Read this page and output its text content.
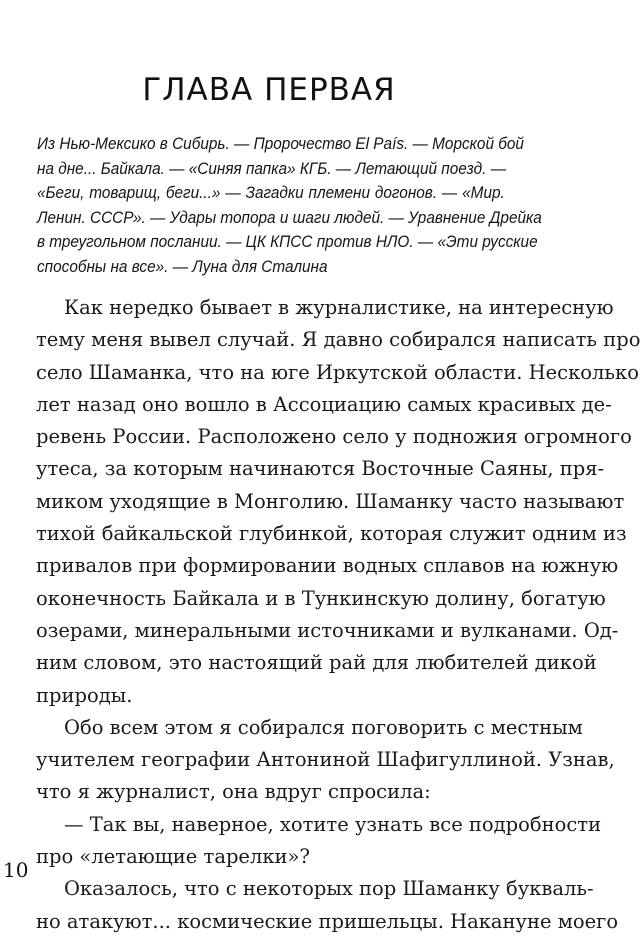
ГЛАВА ПЕРВАЯ
Из Нью-Мексико в Сибирь. — Пророчество El País. — Морской бой
на дне... Байкала. — «Синяя папка» КГБ. — Летающий поезд. —
«Беги, товарищ, беги...» — Загадки племени догонов. — «Мир.
Ленин. СССР». — Удары топора и шаги людей. — Уравнение Дрейка
в треугольном послании. — ЦК КПСС против НЛО. — «Эти русские
способны на все». — Луна для Сталина
Как нередко бывает в журналистике, на интересную
тему меня вывел случай. Я давно собирался написать про
село Шаманка, что на юге Иркутской области. Несколько
лет назад оно вошло в Ассоциацию самых красивых де-
ревень России. Расположено село у подножия огромного
утеса, за которым начинаются Восточные Саяны, пря-
миком уходящие в Монголию. Шаманку часто называют
тихой байкальской глубинкой, которая служит одним из
привалов при формировании водных сплавов на южную
оконечность Байкала и в Тункинскую долину, богатую
озерами, минеральными источниками и вулканами. Од-
ним словом, это настоящий рай для любителей дикой
природы.
Обо всем этом я собирался поговорить с местным
учителем географии Антониной Шафигуллиной. Узнав,
что я журналист, она вдруг спросила:
— Так вы, наверное, хотите узнать все подробности
про «летающие тарелки»?
Оказалось, что с некоторых пор Шаманку букваль-
но атакуют... космические пришельцы. Накануне моего
10
